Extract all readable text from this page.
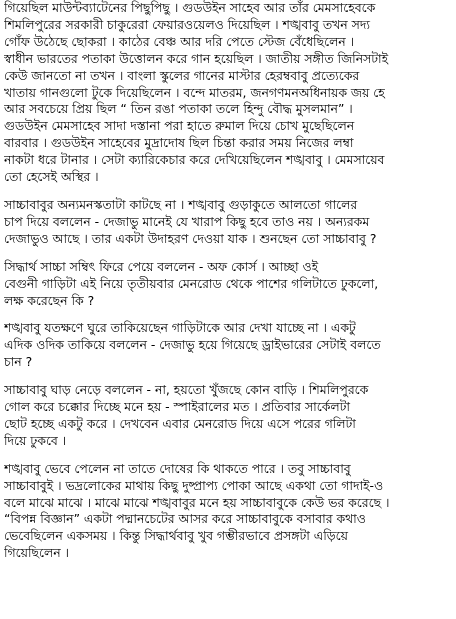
গিয়েছিল মাউন্টব্যাটেনের পিছুপিছু । গুডউইন সাহেব আর তাঁর মেমসাহেবকে
শিমলিপুরের সরকারী চাকুরেরা ফেয়ারওয়েলও দিয়েছিল । শঙ্খবাবু তখন সদ্য
গোঁফ উঠেছে ছোকরা । কাঠের বেঞ্চ আর দরি পেতে স্টেজ বেঁধেছিলেন ।
স্বাধীন ভারতের পতাকা উত্তোলন করে গান হয়েছিল । জাতীয় সঙ্গীত জিনিসটাই
কেউ জানতো না তখন । বাংলা স্কুলের গানের মাস্টার হেরম্ববাবু প্রত্যেকের
খাতায় গানগুলো টুকে দিয়েছিলেন । বন্দে মাতরম, জনগণমনঅধিনায়ক জয় হে
আর সবচেয়ে প্রিয় ছিল “ তিন রঙা পতাকা তলে হিন্দু বৌদ্ধ মুসলমান” ।
গুডউইন মেমসাহেব সাদা দস্তানা পরা হাতে রুমাল দিয়ে চোখ মুছেছিলেন
বারবার । গুডউইন সাহেবের মুদ্রাদোষ ছিল চিন্তা করার সময় নিজের লম্বা
নাকটা ধরে টানার । সেটা ক্যারিকেচার করে দেখিয়েছিলেন শঙ্খবাবু । মেমসায়েব
তো হেসেই অস্থির ।
সাচ্চাবাবুর অন্যমনস্কতাটা কাটছে না । শঙ্খবাবু গুড়াকুতে আলতো গালের
চাপ দিয়ে বললেন - দেজাভু মানেই যে খারাপ কিছু হবে তাও নয় । অন্যরকম
দেজাভুও আছে । তার একটা উদাহরণ দেওয়া যাক । শুনছেন তো সাচ্চাবাবু ?
সিদ্ধার্থ সাচ্চা সম্বিৎ ফিরে পেয়ে বললেন - অফ কোর্স । আচ্ছা ওই
বেগুনী গাড়িটা এই নিয়ে তৃতীয়বার মেনরোড থেকে পাশের গলিটাতে ঢুকলো,
লক্ষ করেছেন কি ?
শঙ্খবাবু যতক্ষণে ঘুরে তাকিয়েছেন গাড়িটাকে আর দেখা যাচ্ছে না । একটু
এদিক ওদিক তাকিয়ে বললেন - দেজাভু হয়ে গিয়েছে ড্রাইভারের সেটাই বলতে
চান ?
সাচ্চাবাবু ঘাড় নেড়ে বললেন - না, হয়তো খুঁজছে কোন বাড়ি । শিমলিপুরকে
গোল করে চক্কোর দিচ্ছে মনে হয় - স্পাইরালের মত । প্রতিবার সার্কেলটা
ছোট হচ্ছে একটু করে । দেখবেন এবার মেনরোড দিয়ে এসে পরের গলিটা
দিয়ে ঢুকবে ।
শঙ্খবাবু ভেবে পেলেন না তাতে দোষের কি থাকতে পারে । তবু সাচ্চাবাবু
সাচ্চাবাবুই । ভদ্রলোকের মাথায় কিছু দুষ্প্রাপ্য পোকা আছে একথা তো গাদাই-ও
বলে মাঝে মাঝে । মাঝে মাঝে শঙ্খবাবুর মনে হয় সাচ্চাবাবুকে কেউ ভর করেছে ।
“বিপন্ন বিজ্ঞান” একটা পদ্মানচেটের আসর করে সাচ্চাবাবুকে বসাবার কথাও
ভেবেছিলেন একসময় । কিন্তু সিদ্ধার্থবাবু খুব গম্ভীরভাবে প্রসঙ্গটা এড়িয়ে
গিয়েছিলেন ।
